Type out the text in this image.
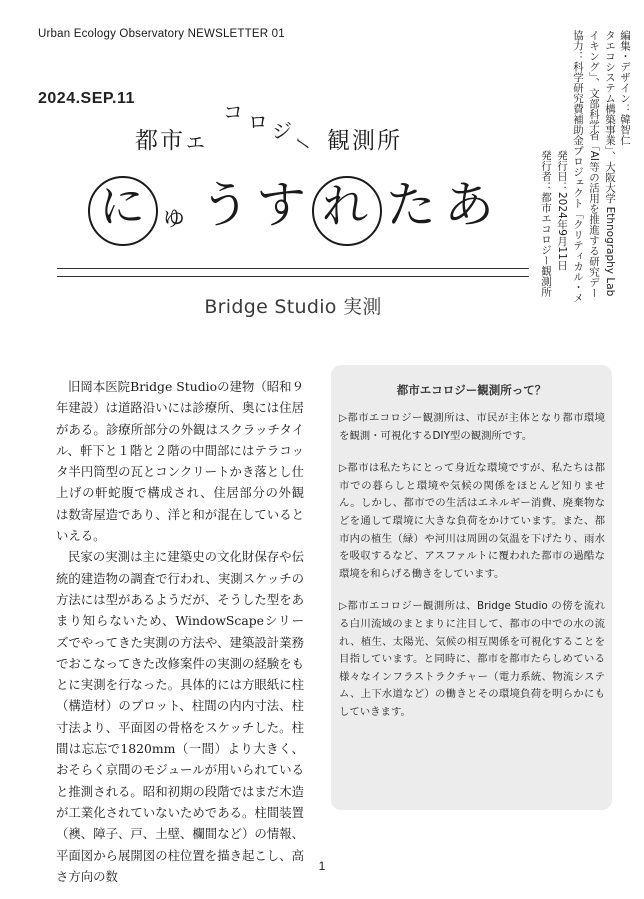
Urban Ecology Observatory NEWSLETTER 01
2024.SEP.11
都 市 エ
コ ロ ジ
ー 観 測 所
に ゅ う す れ た あ
Bridge Studio 実測
編集・デザイン：韓智仁
タエコシステム構築事業」、大阪大学 Ethnography Lab
イキング」、文部科学省「AI等の活用を推進する研究デー
協力：科学研究費補助金プロジェクト「クリティカル・メ
発行日：2024年9月11日
発行者：都市エコロジー観測所

旧岡本医院Bridge Studioの建物（昭和９年建設）は道路沿いには診療所、奥には住居がある。診療所部分の外観はスクラッチタイル、軒下と１階と２階の中間部にはテラコッタ半円筒型の瓦とコンクリートかき落とし仕上げの軒蛇腹で構成され、住居部分の外観は数寄屋造であり、洋と和が混在しているといえる。

民家の実測は主に建築史の文化財保存や伝統的建造物の調査で行われ、実測スケッチの方法には型があるようだが、そうした型をあまり知らないため、WindowScapeシリーズでやってきた実測の方法や、建築設計業務でおこなってきた改修案件の実測の経験をもとに実測を行なった。具体的には方眼紙に柱（構造材）のプロット、柱間の内内寸法、柱寸法より、平面図の骨格をスケッチした。柱間は忘忘で1820mm（一間）より大きく、おそらく京間のモジュールが用いられていると推測される。昭和初期の段階ではまだ木造が工業化されていないためである。柱間装置（襖、障子、戸、土壁、欄間など）の情報、平面図から展開図の柱位置を描き起こし、高さ方向の数

都市エコロジー観測所って？

▷都市エコロジー観測所は、市民が主体となり都市環境を観測・可視化するDIY型の観測所です。

▷都市は私たちにとって身近な環境ですが、私たちは都市での暮らしと環境や気候の関係をほとんど知りません。しかし、都市での生活はエネルギー消費、廃棄物などを通して環境に大きな負荷をかけています。また、都市内の植生（緑）や河川は周囲の気温を下げたり、雨水を吸収するなど、アスファルトに覆われた都市の過酷な環境を和らげる働きをしています。

▷都市エコロジー観測所は、Bridge Studio の傍を流れる白川流域のまとまりに注目して、都市の中での水の流れ、植生、太陽光、気候の相互関係を可視化することを目指しています。と同時に、都市を都市たらしめている様々なインフラストラクチャー（電力系統、物流システム、上下水道など）の働きとその環境負荷を明らかにもしていきます。

1
